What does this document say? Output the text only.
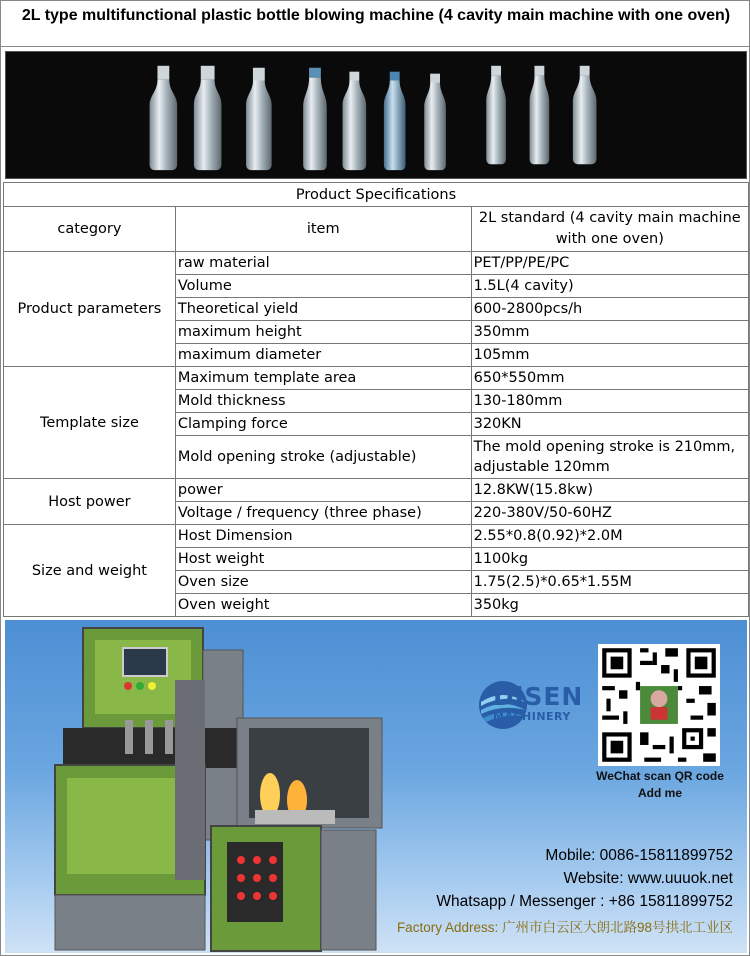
2L type multifunctional plastic bottle blowing machine (4 cavity main machine with one oven)
Product Specifications		
category	item	2L standard (4 cavity main machine with one oven)
Product parameters	raw material	PET/PP/PE/PC
	Volume	1.5L(4 cavity)
	Theoretical yield	600-2800pcs/h
	maximum height	350mm
	maximum diameter	105mm
Template size	Maximum template area	650*550mm
	Mold thickness	130-180mm
	Clamping force	320KN
	Mold opening stroke (adjustable)	The mold opening stroke is 210mm, adjustable 120mm
Host power	power	12.8KW(15.8kw)
	Voltage / frequency (three phase)	220-380V/50-60HZ
Size and weight	Host Dimension	2.55*0.8(0.92)*2.0M
	Host weight	1100kg
	Oven size	1.75(2.5)*0.65*1.55M
	Oven weight	350kg
DiSEN
MACHINERY
WeChat scan QR code
Add me
Mobile: 0086-15811899752
Website: www.uuuok.net
Whatsapp / Messenger : +86 15811899752
Factory Address: 广州市白云区大朗北路98号拱北工业区
